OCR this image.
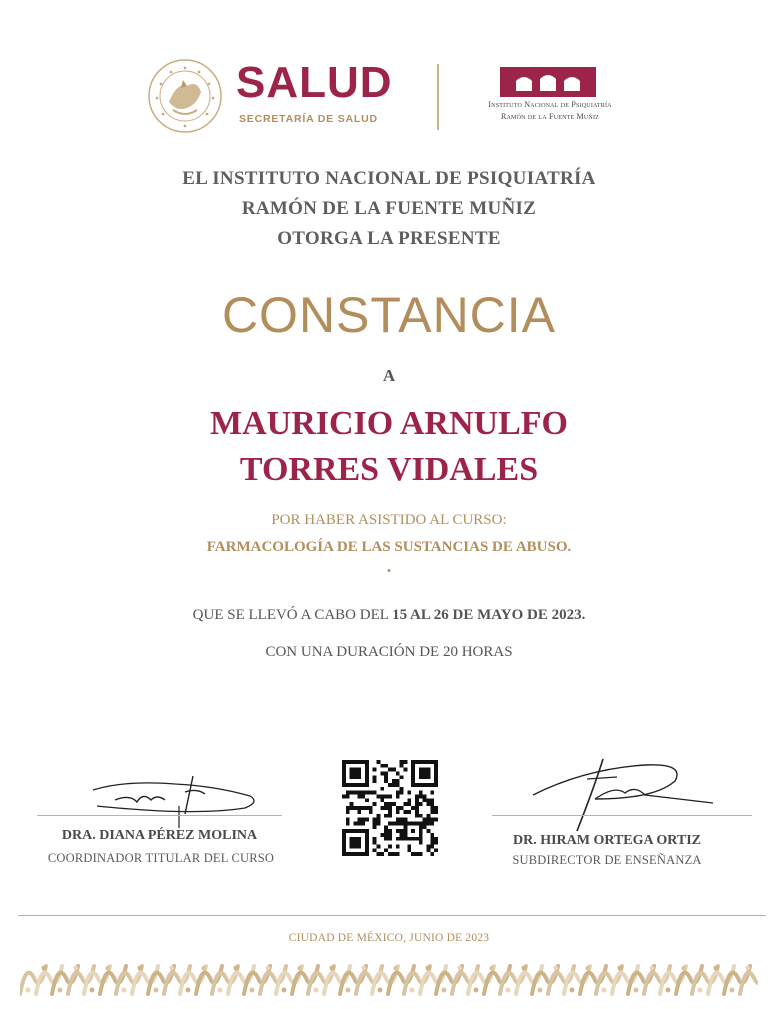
SALUD
SECRETARÍA DE SALUD
Instituto Nacional de Psiquiatría
Ramón de la Fuente Muñiz
EL INSTITUTO NACIONAL DE PSIQUIATRÍA
RAMÓN DE LA FUENTE MUÑIZ
OTORGA LA PRESENTE
CONSTANCIA
A
MAURICIO ARNULFO
TORRES VIDALES
POR HABER ASISTIDO AL CURSO:
FARMACOLOGÍA DE LAS SUSTANCIAS DE ABUSO.
.
QUE SE LLEVÓ A CABO DEL 15 AL 26 DE MAYO DE 2023.
CON UNA DURACIÓN DE 20 HORAS
DRA. DIANA PÉREZ MOLINA
COORDINADOR TITULAR DEL CURSO
DR. HIRAM ORTEGA ORTIZ
SUBDIRECTOR DE ENSEÑANZA
CIUDAD DE MÉXICO, JUNIO DE 2023
